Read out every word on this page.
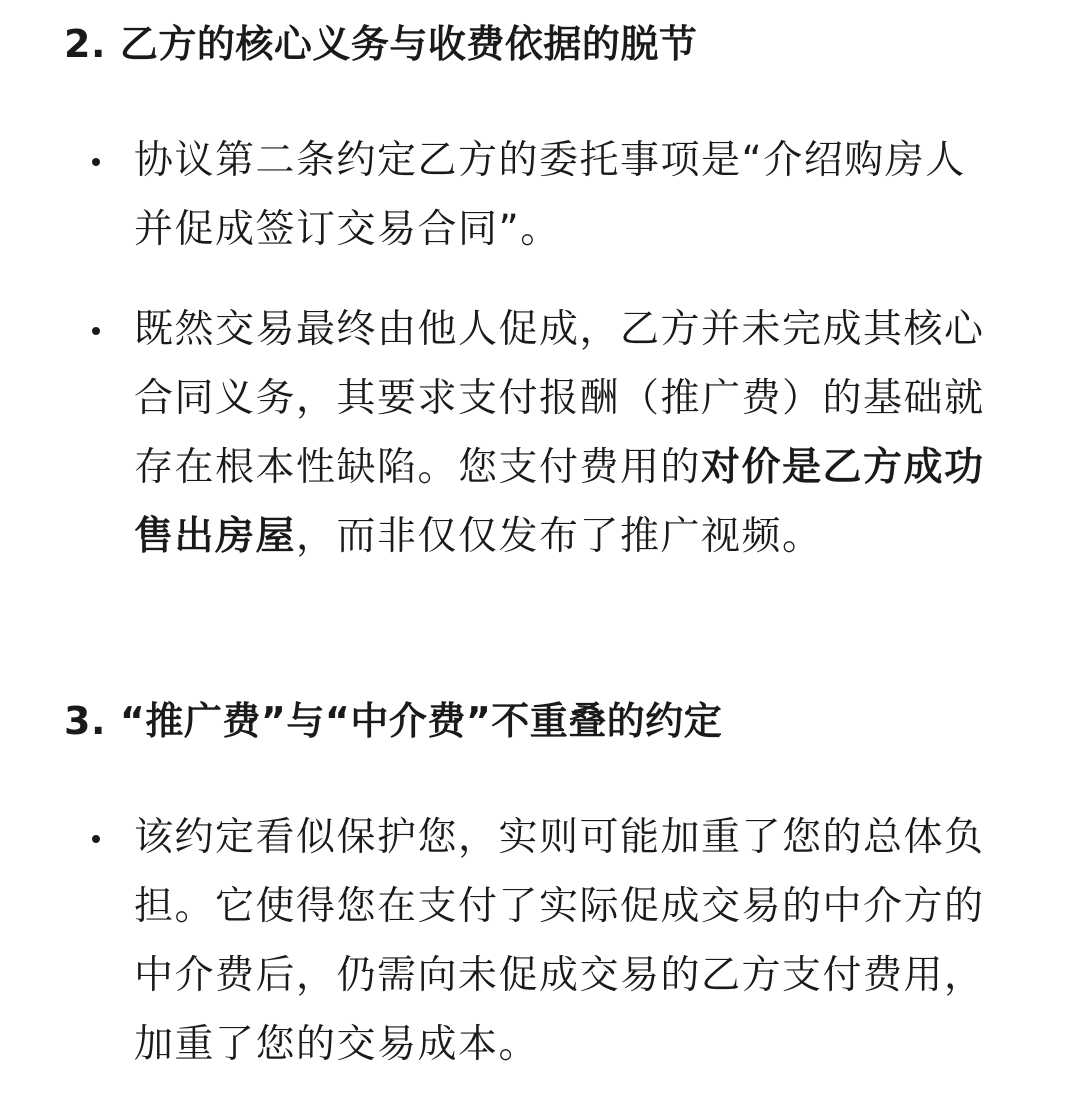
2. 乙方的核心义务与收费依据的脱节
协议第二条约定乙方的委托事项是“介绍购房人并促成签订交易合同”。
既然交易最终由他人促成，乙方并未完成其核心合同义务，其要求支付报酬（推广费）的基础就存在根本性缺陷。您支付费用的对价是乙方成功售出房屋，而非仅仅发布了推广视频。
3. “推广费”与“中介费”不重叠的约定
该约定看似保护您，实则可能加重了您的总体负担。它使得您在支付了实际促成交易的中介方的中介费后，仍需向未促成交易的乙方支付费用，加重了您的交易成本。
